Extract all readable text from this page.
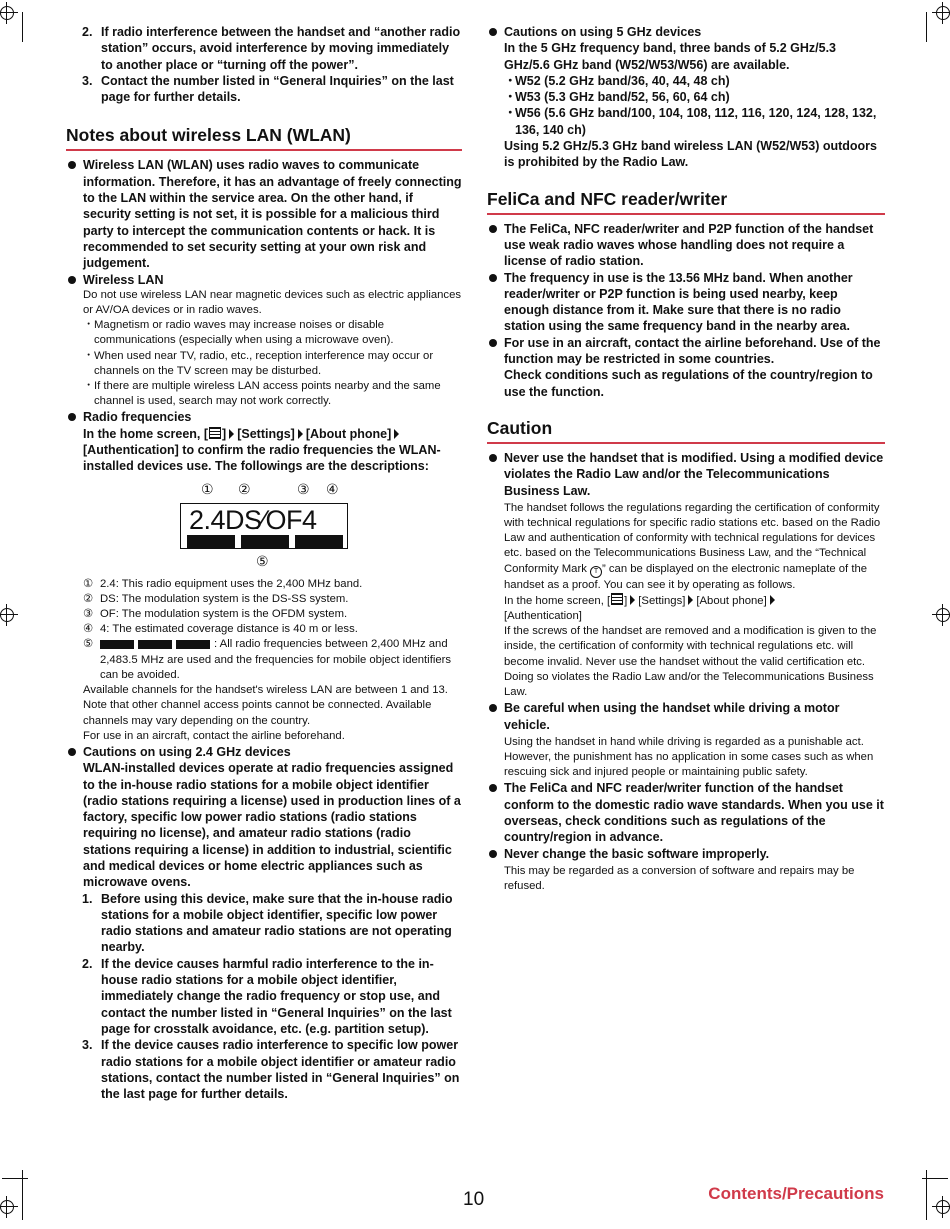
2. If radio interference between the handset and “another radio station” occurs, avoid interference by moving immediately to another place or “turning off the power”.
3. Contact the number listed in “General Inquiries” on the last page for further details.
Notes about wireless LAN (WLAN)
Wireless LAN (WLAN) uses radio waves to communicate information. Therefore, it has an advantage of freely connecting to the LAN within the service area. On the other hand, if security setting is not set, it is possible for a malicious third party to intercept the communication contents or hack. It is recommended to set security setting at your own risk and judgement.
Wireless LAN
Do not use wireless LAN near magnetic devices such as electric appliances or AV/OA devices or in radio waves.
・ Magnetism or radio waves may increase noises or disable communications (especially when using a microwave oven).
・ When used near TV, radio, etc., reception interference may occur or channels on the TV screen may be disturbed.
・ If there are multiple wireless LAN access points nearby and the same channel is used, search may not work correctly.
Radio frequencies
In the home screen, [ ] [Settings] [About phone][Authentication] to confirm the radio frequencies the WLAN-installed devices use. The followings are the descriptions:
① ②	③ ④
2.4DS∕OF4
⑤
① 2.4: This radio equipment uses the 2,400 MHz band.
② DS: The modulation system is the DS-SS system.
③ OF: The modulation system is the OFDM system.
④ 4: The estimated coverage distance is 40 m or less.
⑤	: All radio frequencies between 2,400 MHz and 2,483.5 MHz are used and the frequencies for mobile object identifiers can be avoided.
Available channels for the handset's wireless LAN are between 1 and 13. Note that other channel access points cannot be connected. Available channels may vary depending on the country.
For use in an aircraft, contact the airline beforehand.
Cautions on using 2.4 GHz devices
WLAN-installed devices operate at radio frequencies assigned to the in-house radio stations for a mobile object identifier (radio stations requiring a license) used in production lines of a factory, specific low power radio stations (radio stations requiring no license), and amateur radio stations (radio stations requiring a license) in addition to industrial, scientific and medical devices or home electric appliances such as microwave ovens.
1. Before using this device, make sure that the in-house radio stations for a mobile object identifier, specific low power radio stations and amateur radio stations are not operating nearby.
2. If the device causes harmful radio interference to the in-house radio stations for a mobile object identifier, immediately change the radio frequency or stop use, and contact the number listed in “General Inquiries” on the last page for crosstalk avoidance, etc. (e.g. partition setup).
3. If the device causes radio interference to specific low power radio stations for a mobile object identifier or amateur radio stations, contact the number listed in “General Inquiries” on the last page for further details.
Cautions on using 5 GHz devices
In the 5 GHz frequency band, three bands of 5.2 GHz/5.3 GHz/5.6 GHz band (W52/W53/W56) are available.
・
W52 (5.2 GHz band/36, 40, 44, 48 ch)
・
W53 (5.3 GHz band/52, 56, 60, 64 ch)
・
W56 (5.6 GHz band/100, 104, 108, 112, 116, 120, 124, 128, 132, 136, 140 ch)
Using 5.2 GHz/5.3 GHz band wireless LAN (W52/W53) outdoors is prohibited by the Radio Law.
FeliCa and NFC reader/writer
The FeliCa, NFC reader/writer and P2P function of the handset use weak radio waves whose handling does not require a license of radio station.
The frequency in use is the 13.56 MHz band. When another reader/writer or P2P function is being used nearby, keep enough distance from it. Make sure that there is no radio station using the same frequency band in the nearby area.
For use in an aircraft, contact the airline beforehand. Use of the function may be restricted in some countries.
Check conditions such as regulations of the country/region to use the function.
Caution
Never use the handset that is modified. Using a modified device violates the Radio Law and/or the Telecommunications Business Law.
The handset follows the regulations regarding the certification of conformity with technical regulations for specific radio stations etc. based on the Radio Law and authentication of conformity with technical regulations for devices etc. based on the Telecommunications Business Law, and the “Technical Conformity Mark T ” can be displayed on the electronic nameplate of the handset as a proof. You can see it by operating as follows.
In the home screen, [ ] [Settings] [About phone]
[Authentication]
If the screws of the handset are removed and a modification is given to the inside, the certification of conformity with technical regulations etc. will become invalid. Never use the handset without the valid certification etc. Doing so violates the Radio Law and/or the Telecommunications Business Law.
Be careful when using the handset while driving a motor vehicle.
Using the handset in hand while driving is regarded as a punishable act.
However, the punishment has no application in some cases such as when rescuing sick and injured people or maintaining public safety.
The FeliCa and NFC reader/writer function of the handset conform to the domestic radio wave standards. When you use it overseas, check conditions such as regulations of the country/region in advance.
Never change the basic software improperly.
This may be regarded as a conversion of software and repairs may be refused.
10	Contents/Precautions
